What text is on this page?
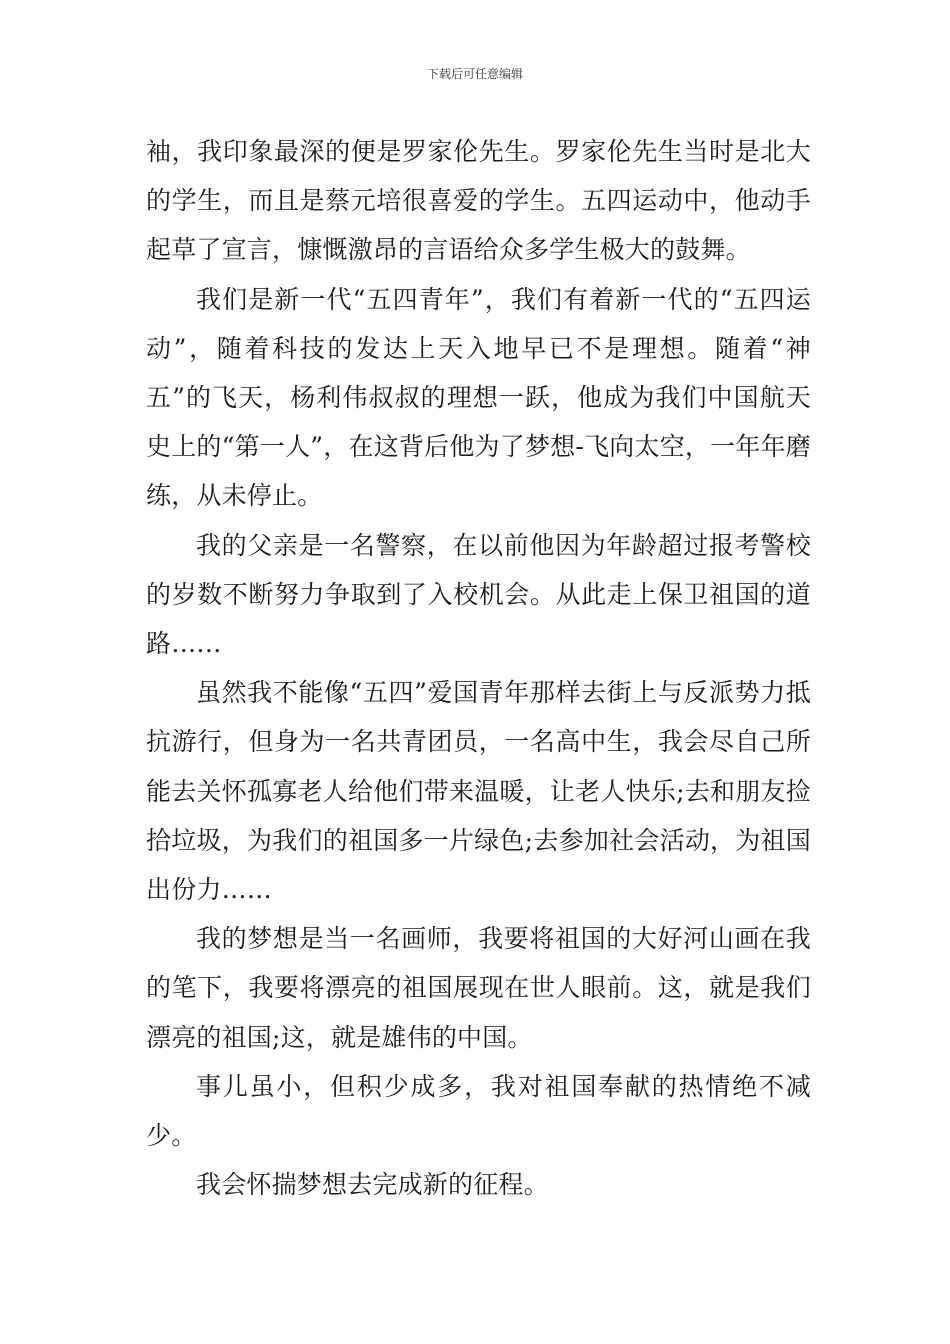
下载后可任意编辑

袖，我印象最深的便是罗家伦先生。罗家伦先生当时是北大的学生，而且是蔡元培很喜爱的学生。五四运动中，他动手起草了宣言，慷慨激昂的言语给众多学生极大的鼓舞。

我们是新一代“五四青年”，我们有着新一代的“五四运动”，随着科技的发达上天入地早已不是理想。随着“神五”的飞天，杨利伟叔叔的理想一跃，他成为我们中国航天史上的“第一人”，在这背后他为了梦想-飞向太空，一年年磨练，从未停止。

我的父亲是一名警察，在以前他因为年龄超过报考警校的岁数不断努力争取到了入校机会。从此走上保卫祖国的道路……

虽然我不能像“五四”爱国青年那样去街上与反派势力抵抗游行，但身为一名共青团员，一名高中生，我会尽自己所能去关怀孤寡老人给他们带来温暖，让老人快乐;去和朋友捡拾垃圾，为我们的祖国多一片绿色;去参加社会活动，为祖国出份力……

我的梦想是当一名画师，我要将祖国的大好河山画在我的笔下，我要将漂亮的祖国展现在世人眼前。这，就是我们漂亮的祖国;这，就是雄伟的中国。

事儿虽小，但积少成多，我对祖国奉献的热情绝不减少。

我会怀揣梦想去完成新的征程。
